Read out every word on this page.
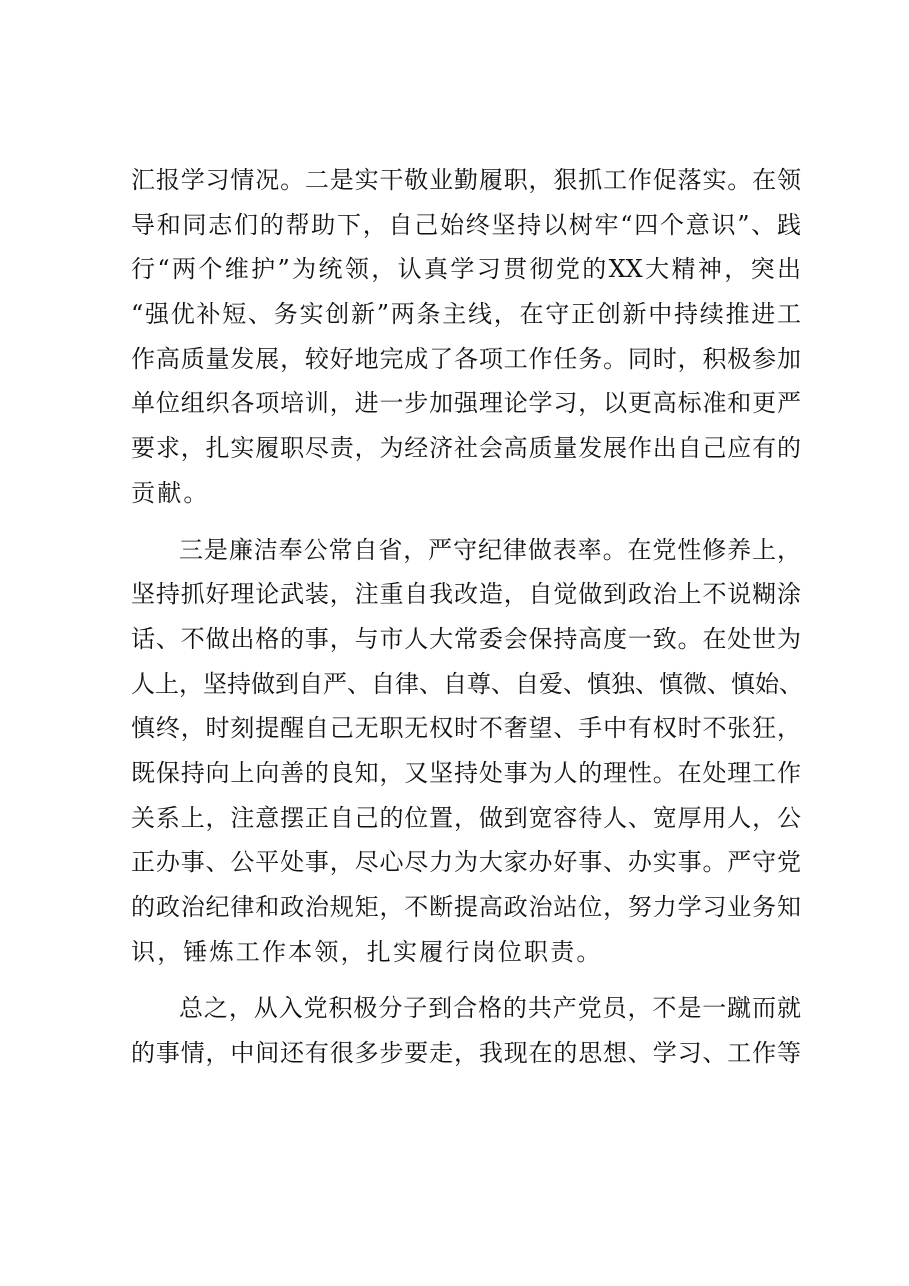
汇报学习情况。二是实干敬业勤履职，狠抓工作促落实。在领
导和同志们的帮助下，自己始终坚持以树牢“四个意识”、践
行“两个维护”为统领，认真学习贯彻党的XX大精神，突出
“强优补短、务实创新”两条主线，在守正创新中持续推进工
作高质量发展，较好地完成了各项工作任务。同时，积极参加
单位组织各项培训，进一步加强理论学习，以更高标准和更严
要求，扎实履职尽责，为经济社会高质量发展作出自己应有的
贡献。
三是廉洁奉公常自省，严守纪律做表率。在党性修养上，
坚持抓好理论武装，注重自我改造，自觉做到政治上不说糊涂
话、不做出格的事，与市人大常委会保持高度一致。在处世为
人上，坚持做到自严、自律、自尊、自爱、慎独、慎微、慎始、
慎终，时刻提醒自己无职无权时不奢望、手中有权时不张狂，
既保持向上向善的良知，又坚持处事为人的理性。在处理工作
关系上，注意摆正自己的位置，做到宽容待人、宽厚用人，公
正办事、公平处事，尽心尽力为大家办好事、办实事。严守党
的政治纪律和政治规矩，不断提高政治站位，努力学习业务知
识，锤炼工作本领，扎实履行岗位职责。
总之，从入党积极分子到合格的共产党员，不是一蹴而就
的事情，中间还有很多步要走，我现在的思想、学习、工作等
